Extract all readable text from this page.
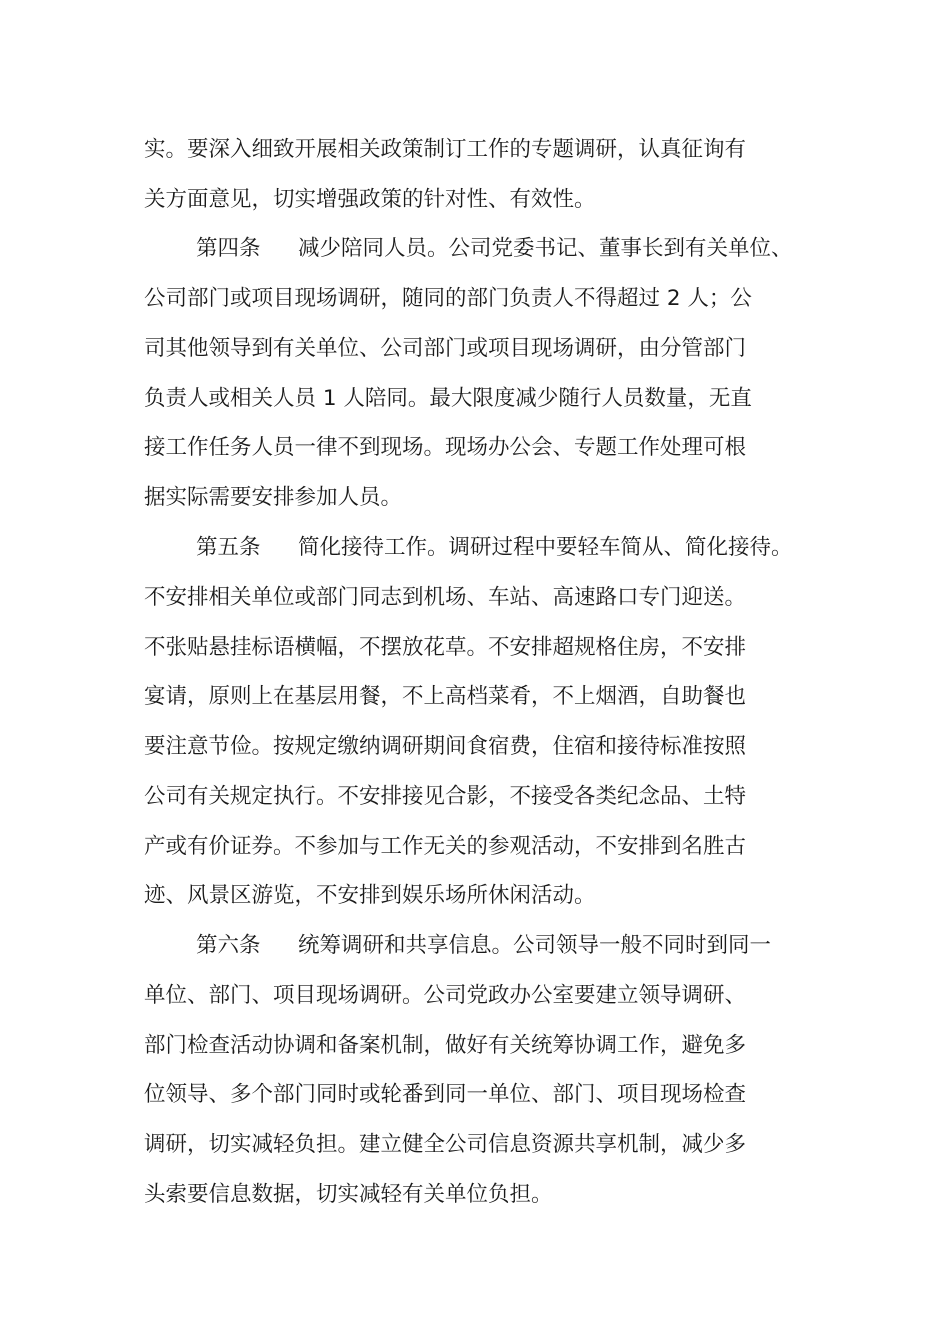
实。要深入细致开展相关政策制订工作的专题调研，认真征询有

关方面意见，切实增强政策的针对性、有效性。

第四条 减少陪同人员。公司党委书记、董事长到有关单位、

公司部门或项目现场调研，随同的部门负责人不得超过 2 人；公

司其他领导到有关单位、公司部门或项目现场调研，由分管部门

负责人或相关人员 1 人陪同。最大限度减少随行人员数量，无直

接工作任务人员一律不到现场。现场办公会、专题工作处理可根

据实际需要安排参加人员。

第五条 简化接待工作。调研过程中要轻车简从、简化接待。

不安排相关单位或部门同志到机场、车站、高速路口专门迎送。

不张贴悬挂标语横幅，不摆放花草。不安排超规格住房，不安排

宴请，原则上在基层用餐，不上高档菜肴，不上烟酒，自助餐也

要注意节俭。按规定缴纳调研期间食宿费，住宿和接待标准按照

公司有关规定执行。不安排接见合影，不接受各类纪念品、土特

产或有价证券。不参加与工作无关的参观活动，不安排到名胜古

迹、风景区游览，不安排到娱乐场所休闲活动。

第六条 统筹调研和共享信息。公司领导一般不同时到同一

单位、部门、项目现场调研。公司党政办公室要建立领导调研、

部门检查活动协调和备案机制，做好有关统筹协调工作，避免多

位领导、多个部门同时或轮番到同一单位、部门、项目现场检查

调研，切实减轻负担。建立健全公司信息资源共享机制，减少多

头索要信息数据，切实减轻有关单位负担。
